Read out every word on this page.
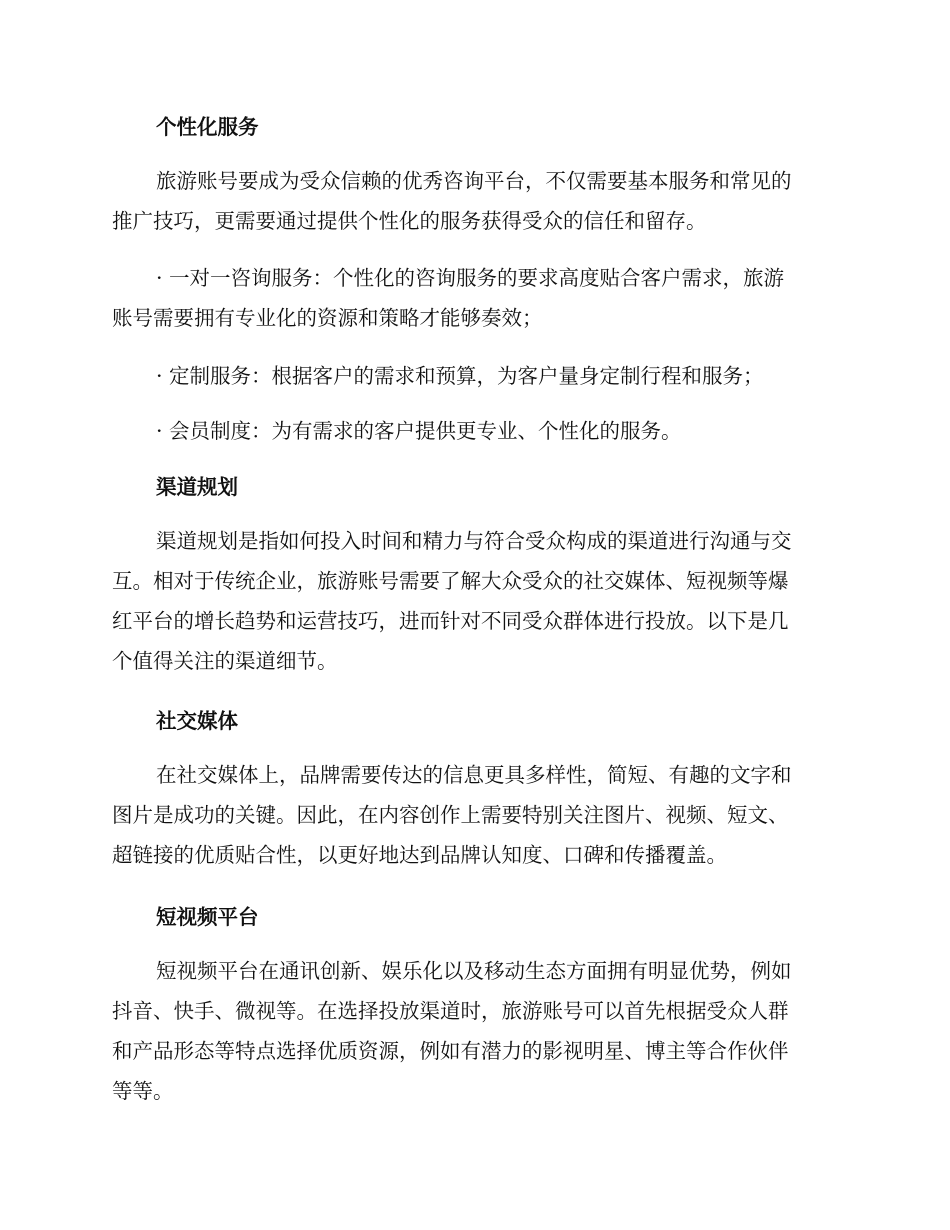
个性化服务
旅游账号要成为受众信赖的优秀咨询平台，不仅需要基本服务和常见的
推广技巧，更需要通过提供个性化的服务获得受众的信任和留存。
· 一对一咨询服务：个性化的咨询服务的要求高度贴合客户需求，旅游
账号需要拥有专业化的资源和策略才能够奏效；
· 定制服务：根据客户的需求和预算，为客户量身定制行程和服务；
· 会员制度：为有需求的客户提供更专业、个性化的服务。
渠道规划
渠道规划是指如何投入时间和精力与符合受众构成的渠道进行沟通与交
互。相对于传统企业，旅游账号需要了解大众受众的社交媒体、短视频等爆
红平台的增长趋势和运营技巧，进而针对不同受众群体进行投放。以下是几
个值得关注的渠道细节。
社交媒体
在社交媒体上，品牌需要传达的信息更具多样性，简短、有趣的文字和
图片是成功的关键。因此，在内容创作上需要特别关注图片、视频、短文、
超链接的优质贴合性，以更好地达到品牌认知度、口碑和传播覆盖。
短视频平台
短视频平台在通讯创新、娱乐化以及移动生态方面拥有明显优势，例如
抖音、快手、微视等。在选择投放渠道时，旅游账号可以首先根据受众人群
和产品形态等特点选择优质资源，例如有潜力的影视明星、博主等合作伙伴
等等。
